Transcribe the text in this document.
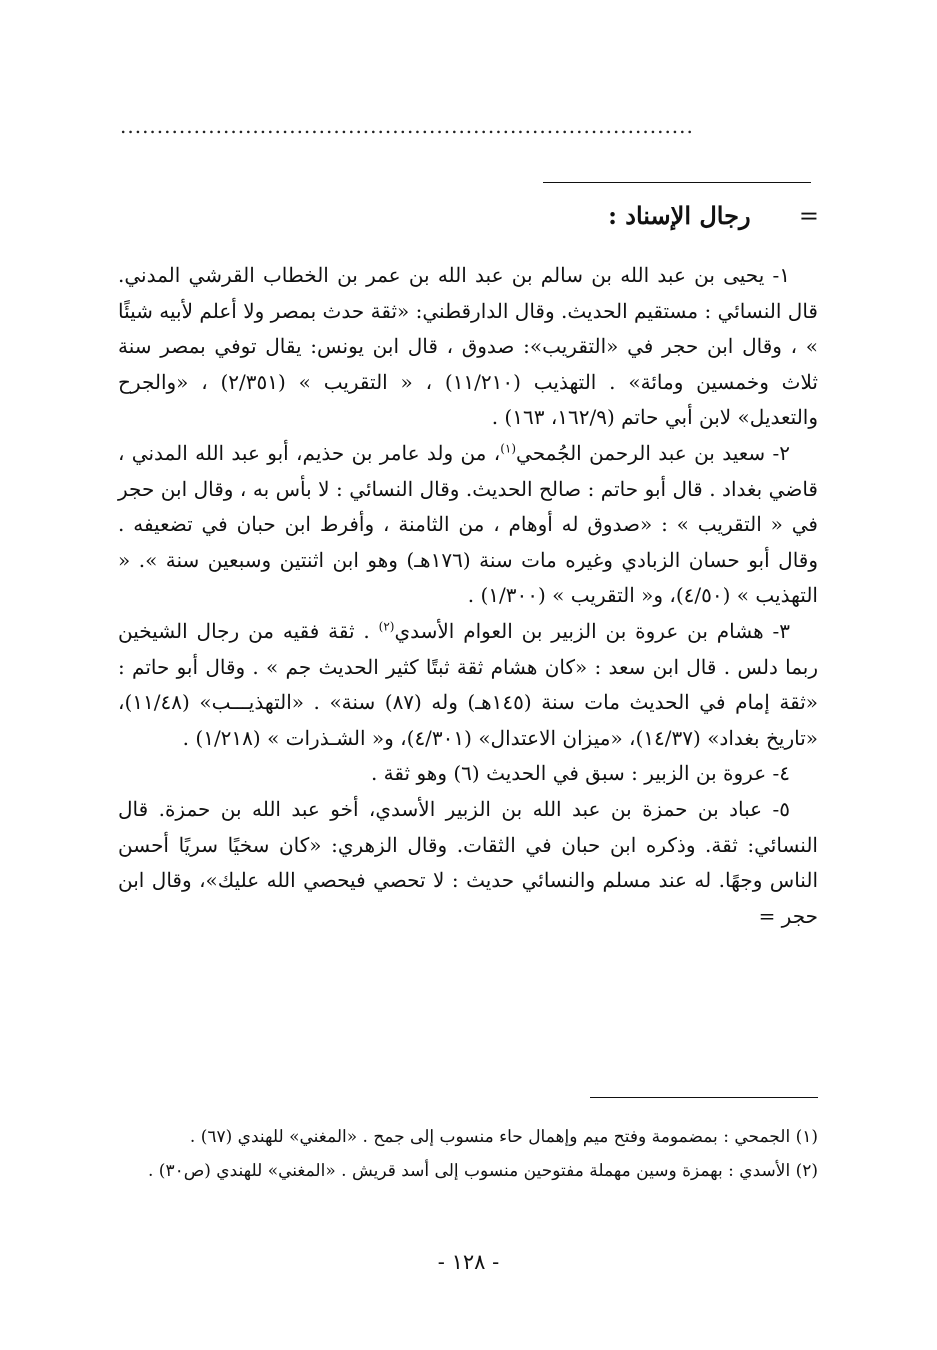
..............................................................................
= رجال الإسناد :

١- يحيى بن عبد الله بن سالم بن عبد الله بن عمر بن الخطاب القرشي المدني. قال النسائي : مستقيم الحديث. وقال الدارقطني: «ثقة حدث بمصر ولا أعلم لأبيه شيئًا » ، وقال ابن حجر في «التقريب»: صدوق ، قال ابن يونس: يقال توفي بمصر سنة ثلاث وخمسين ومائة» . التهذيب (١١/٢١٠) ، « التقريب » (٢/٣٥١) ، «والجرح والتعديل» لابن أبي حاتم (١٦٢/٩، ١٦٣) .

٢- سعيد بن عبد الرحمن الجُمحي$^{(١)}$، من ولد عامر بن حذيم، أبو عبد الله المدني ، قاضي بغداد . قال أبو حاتم : صالح الحديث. وقال النسائي : لا بأس به ، وقال ابن حجر في « التقريب » : «صدوق له أوهام ، من الثامنة ، وأفرط ابن حبان في تضعيفه . وقال أبو حسان الزبادي وغيره مات سنة (١٧٦هـ) وهو ابن اثنتين وسبعين سنة ». « التهذيب » (٤/٥٠)، و« التقريب » (١/٣٠٠) .

٣- هشام بن عروة بن الزبير بن العوام الأسدي$^{(٢)}$ . ثقة فقيه من رجال الشيخين ربما دلس . قال ابن سعد : «كان هشام ثقة ثبتًا كثير الحديث جم » . وقال أبو حاتم : «ثقة إمام في الحديث مات سنة (١٤٥هـ) وله (٨٧) سنة» . «التهذيـــب» (١١/٤٨)، «تاريخ بغداد» (١٤/٣٧)، «ميزان الاعتدال» (٤/٣٠١)، و« الشـذرات » (١/٢١٨) .

٤- عروة بن الزبير : سبق في الحديث (٦) وهو ثقة .

٥- عباد بن حمزة بن عبد الله بن الزبير الأسدي، أخو عبد الله بن حمزة. قال النسائي: ثقة. وذكره ابن حبان في الثقات. وقال الزهري: «كان سخيًا سريًا أحسن الناس وجهًا. له عند مسلم والنسائي حديث : لا تحصي فيحصي الله عليك»، وقال ابن حجر =

(١) الجمحي : بمضمومة وفتح ميم وإهمال حاء منسوب إلى جمح . «المغني» للهندي (٦٧) .
(٢) الأسدي : بهمزة وسين مهملة مفتوحين منسوب إلى أسد قريش . «المغني» للهندي (ص٣٠) .
- ١٢٨ -
